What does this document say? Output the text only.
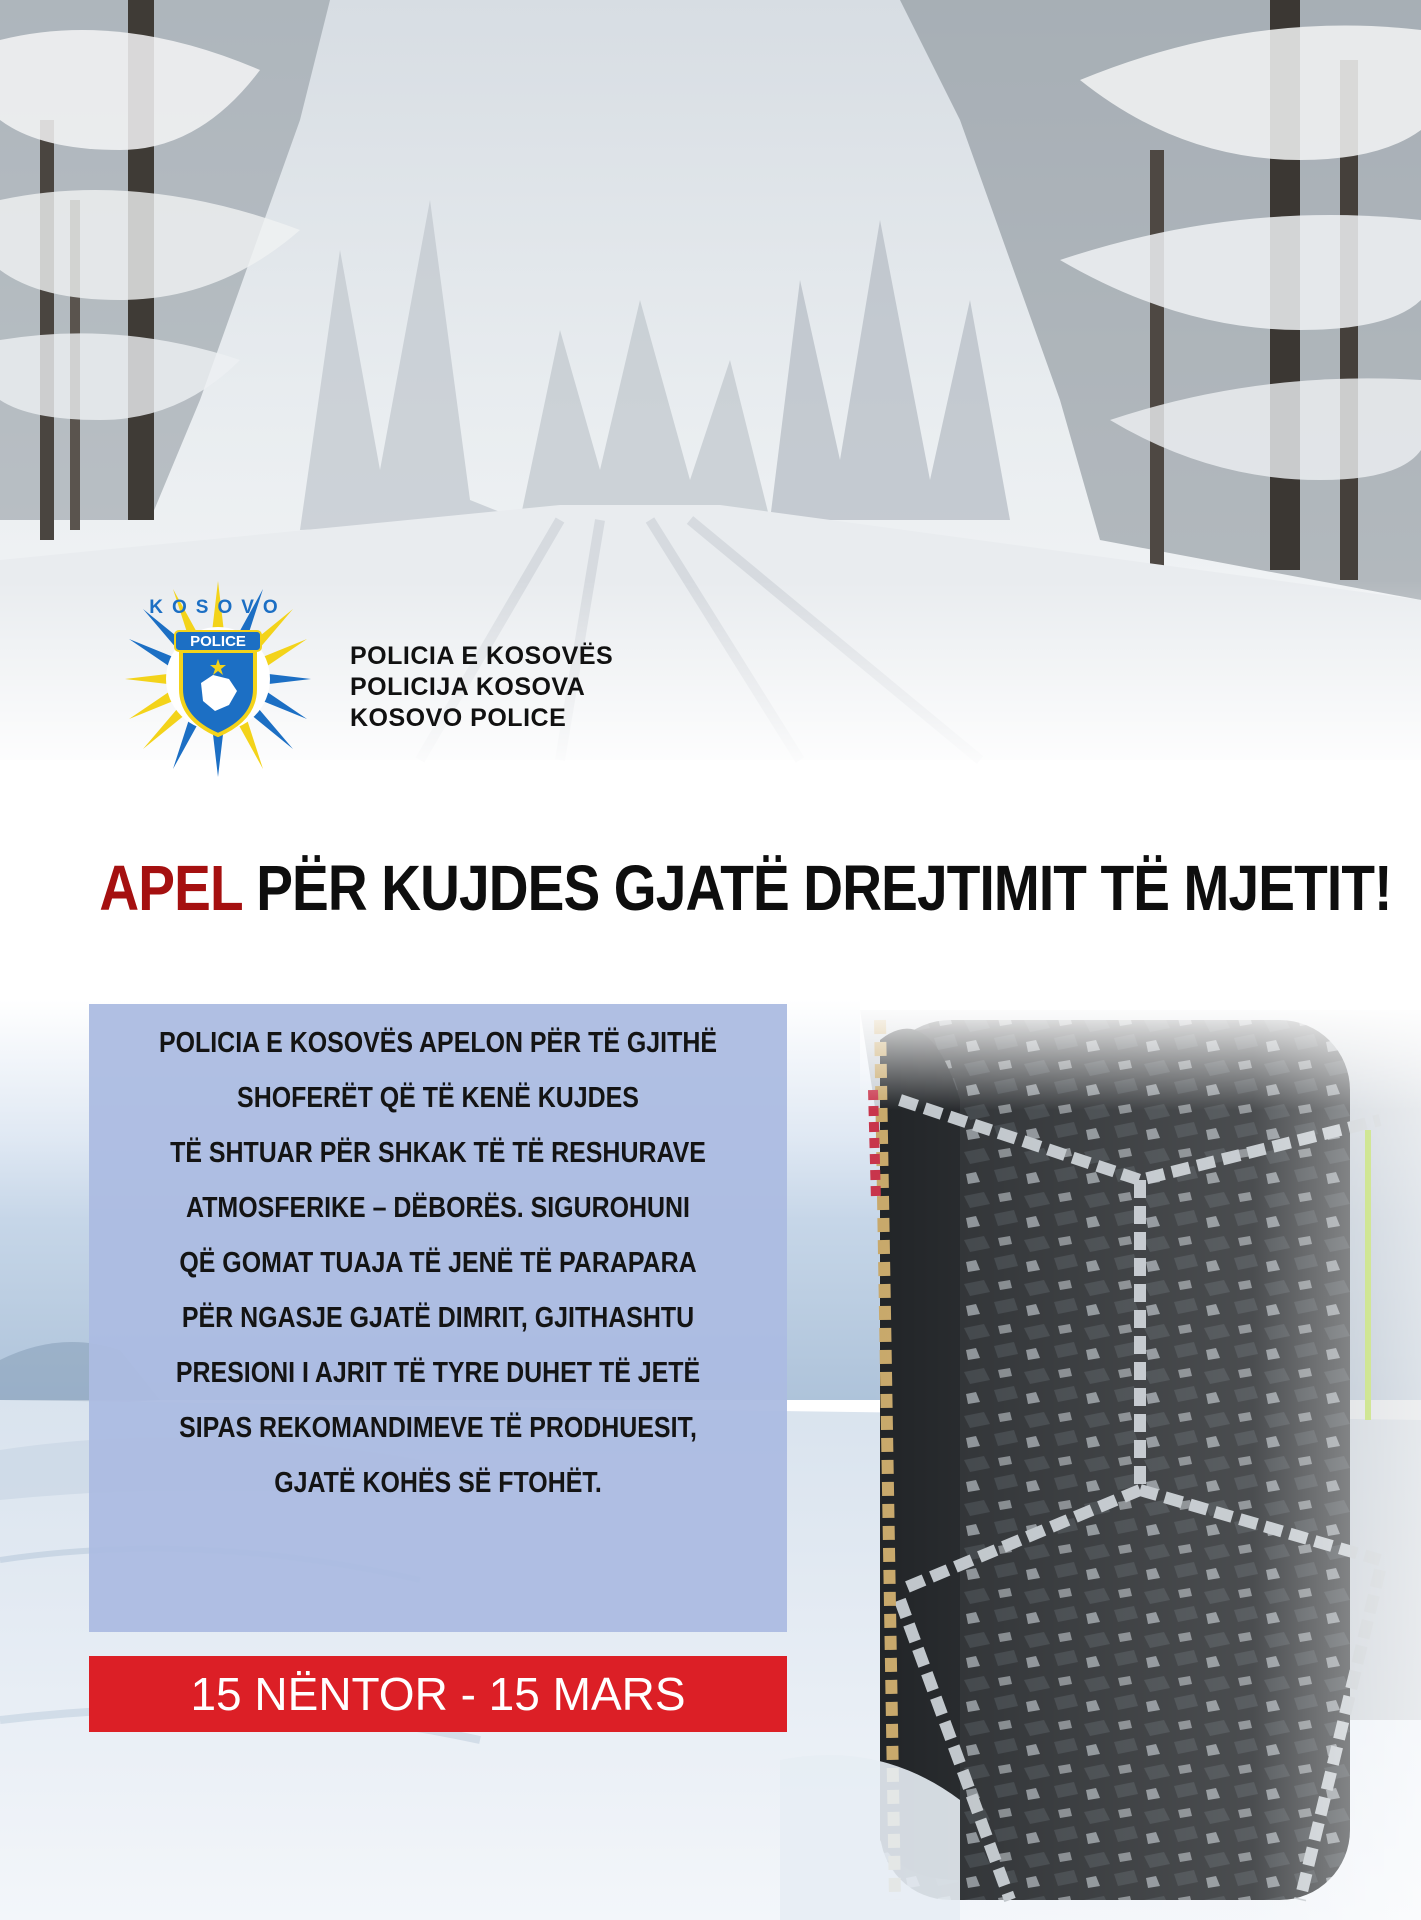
POLICE
KOSOVO
POLICIA E KOSOVËS
POLICIJA KOSOVA
KOSOVO POLICE
APEL PËR KUJDES GJATË DREJTIMIT TË MJETIT!
POLICIA E KOSOVËS APELON PËR TË GJITHË
SHOFERËT QË TË KENË KUJDES
TË SHTUAR PËR SHKAK TË TË RESHURAVE
ATMOSFERIKE – DËBORËS. SIGUROHUNI
QË GOMAT TUAJA TË JENË TË PARAPARA
PËR NGASJE GJATË DIMRIT, GJITHASHTU
PRESIONI I AJRIT TË TYRE DUHET TË JETË
SIPAS REKOMANDIMEVE TË PRODHUESIT,
GJATË KOHËS SË FTOHËT.
15 NËNTOR - 15 MARS
